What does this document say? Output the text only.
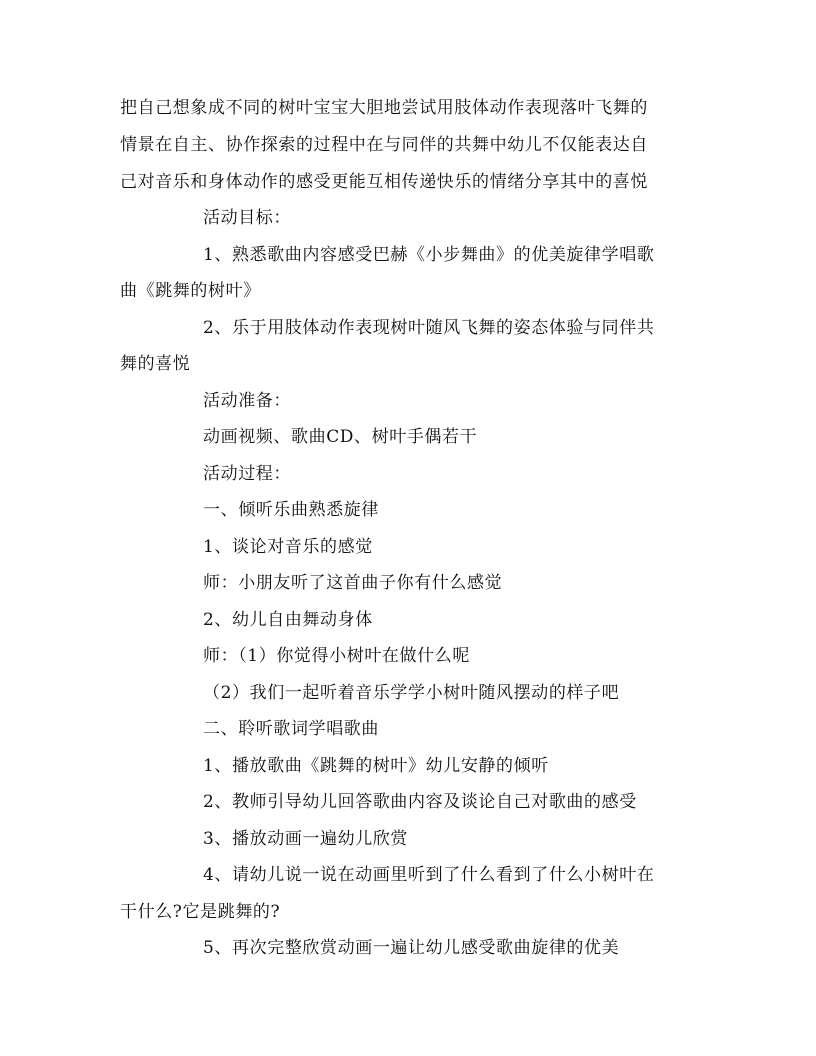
把自己想象成不同的树叶宝宝大胆地尝试用肢体动作表现落叶飞舞的
情景在自主、协作探索的过程中在与同伴的共舞中幼儿不仅能表达自
己对音乐和身体动作的感受更能互相传递快乐的情绪分享其中的喜悦
活动目标：
1、熟悉歌曲内容感受巴赫《小步舞曲》的优美旋律学唱歌
曲《跳舞的树叶》
2、乐于用肢体动作表现树叶随风飞舞的姿态体验与同伴共
舞的喜悦
活动准备：
动画视频、歌曲CD、树叶手偶若干
活动过程：
一、倾听乐曲熟悉旋律
1、谈论对音乐的感觉
师：小朋友听了这首曲子你有什么感觉
2、幼儿自由舞动身体
师：（1）你觉得小树叶在做什么呢
（2）我们一起听着音乐学学小树叶随风摆动的样子吧
二、聆听歌词学唱歌曲
1、播放歌曲《跳舞的树叶》幼儿安静的倾听
2、教师引导幼儿回答歌曲内容及谈论自己对歌曲的感受
3、播放动画一遍幼儿欣赏
4、请幼儿说一说在动画里听到了什么看到了什么小树叶在
干什么?它是跳舞的?
5、再次完整欣赏动画一遍让幼儿感受歌曲旋律的优美
